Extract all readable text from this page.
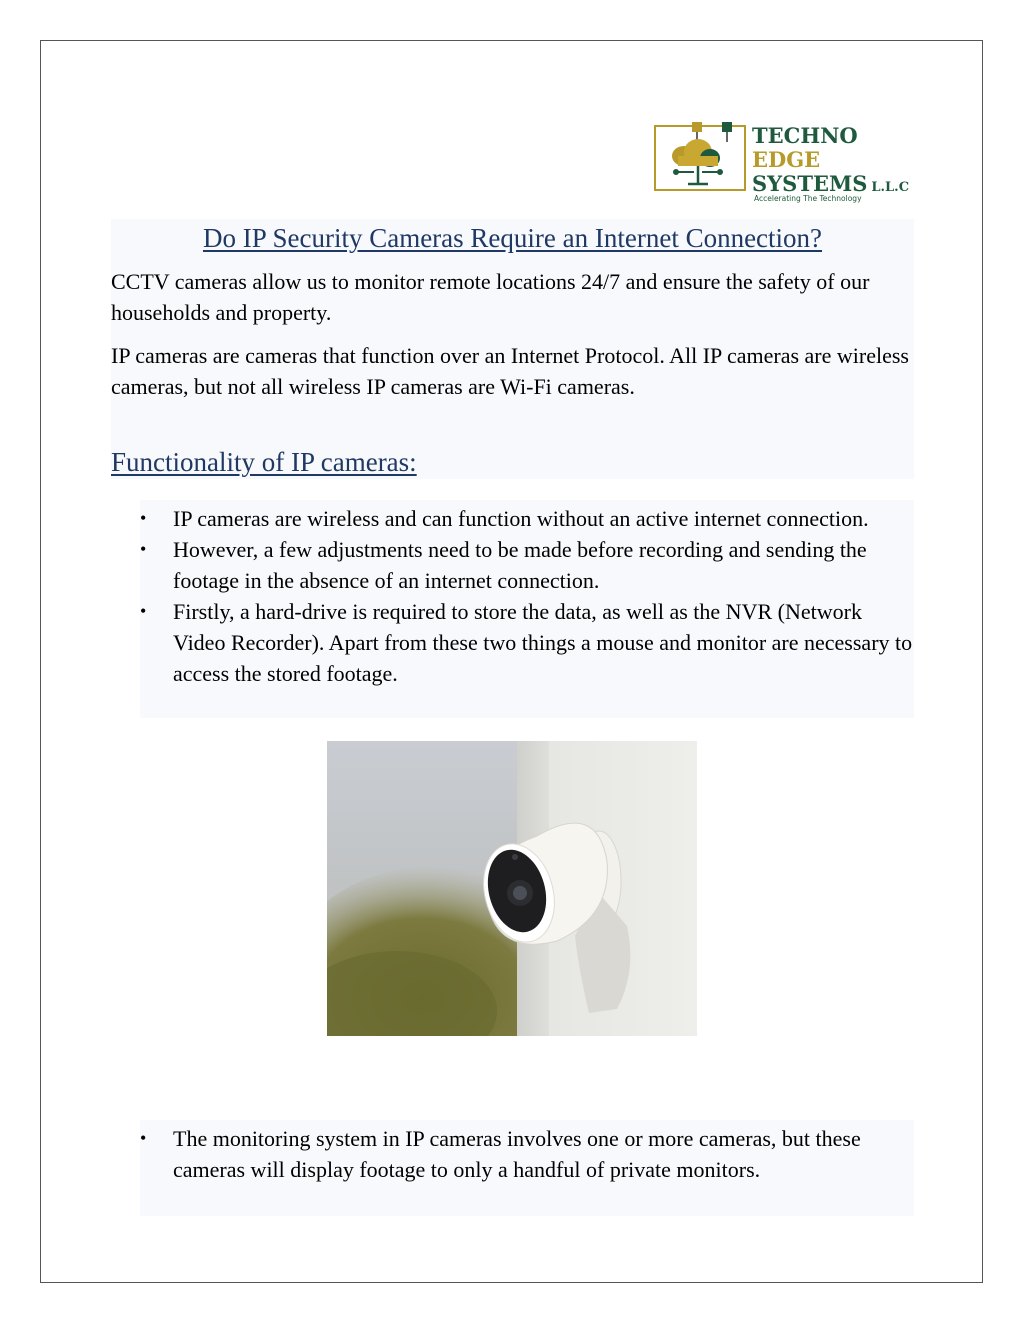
TECHNO
EDGE
SYSTEMS L.L.C
Accelerating The Technology
Do IP Security Cameras Require an Internet Connection?

CCTV cameras allow us to monitor remote locations 24/7 and ensure the safety of our households and property.

IP cameras are cameras that function over an Internet Protocol. All IP cameras are wireless cameras, but not all wireless IP cameras are Wi-Fi cameras.

Functionality of IP cameras:
• IP cameras are wireless and can function without an active internet connection.
• However, a few adjustments need to be made before recording and sending the footage in the absence of an internet connection.
• Firstly, a hard-drive is required to store the data, as well as the NVR (Network Video Recorder). Apart from these two things a mouse and monitor are necessary to access the stored footage.
• The monitoring system in IP cameras involves one or more cameras, but these cameras will display footage to only a handful of private monitors.
